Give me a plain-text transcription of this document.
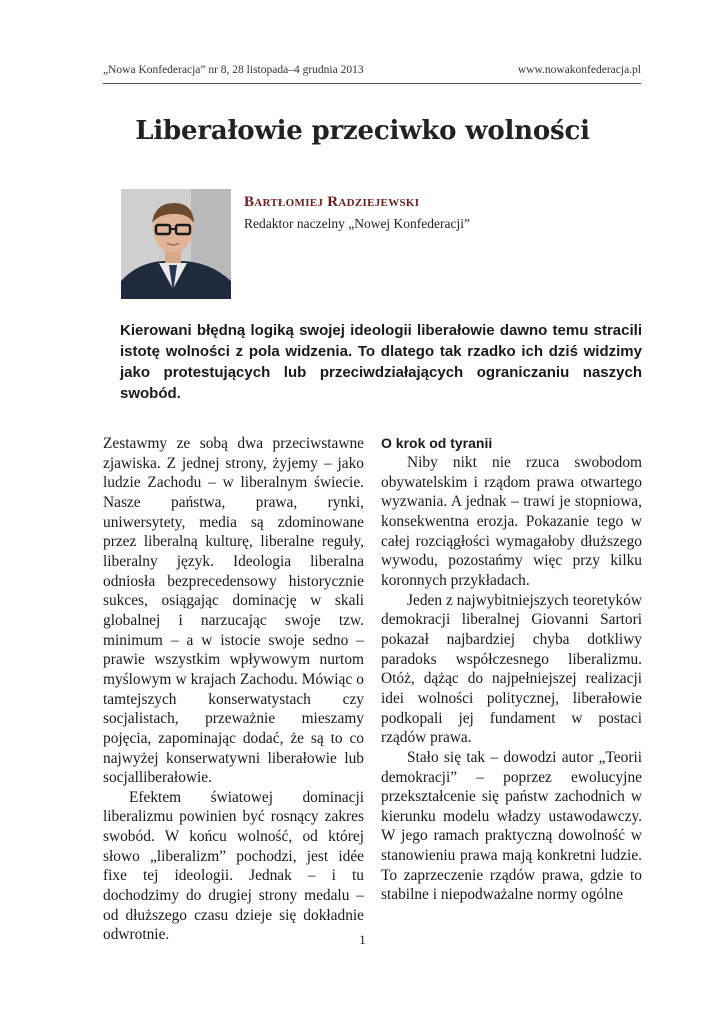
„Nowa Konfederacja” nr 8, 28 listopada–4 grudnia 2013	www.nowakonfederacja.pl
Liberałowie przeciwko wolności
Bartłomiej Radziejewski
Redaktor naczelny „Nowej Konfederacji”
Kierowani błędną logiką swojej ideologii liberałowie dawno temu stracili istotę wolności z pola widzenia. To dlatego tak rzadko ich dziś widzimy jako protestujących lub przeciwdziałających ograniczaniu naszych swobód.

Zestawmy ze sobą dwa przeciwstawne zjawiska. Z jednej strony, żyjemy – jako ludzie Zachodu – w liberalnym świecie. Nasze państwa, prawa, rynki, uniwersytety, media są zdominowane przez liberalną kulturę, liberalne reguły, liberalny język. Ideologia liberalna odniosła bezprecedensowy historycznie sukces, osiągając dominację w skali globalnej i narzucając swoje tzw. minimum – a w istocie swoje sedno – prawie wszystkim wpływowym nurtom myślowym w krajach Zachodu. Mówiąc o tamtejszych konserwatystach czy socjalistach, przeważnie mieszamy pojęcia, zapominając dodać, że są to co najwyżej konserwatywni liberałowie lub socjalliberałowie.

Efektem światowej dominacji liberalizmu powinien być rosnący zakres swobód. W końcu wolność, od której słowo „liberalizm” pochodzi, jest idée fixe tej ideologii. Jednak – i tu dochodzimy do drugiej strony medalu – od dłuższego czasu dzieje się dokładnie odwrotnie.

O krok od tyranii

Niby nikt nie rzuca swobodom obywatelskim i rządom prawa otwartego wyzwania. A jednak – trawi je stopniowa, konsekwentna erozja. Pokazanie tego w całej rozciągłości wymagałoby dłuższego wywodu, pozostańmy więc przy kilku koronnych przykładach.

Jeden z najwybitniejszych teoretyków demokracji liberalnej Giovanni Sartori pokazał najbardziej chyba dotkliwy paradoks współczesnego liberalizmu. Otóż, dążąc do najpełniejszej realizacji idei wolności politycznej, liberałowie podkopali jej fundament w postaci rządów prawa.

Stało się tak – dowodzi autor „Teorii demokracji” – poprzez ewolucyjne przekształcenie się państw zachodnich w kierunku modelu władzy ustawodawczy. W jego ramach praktyczną dowolność w stanowieniu prawa mają konkretni ludzie. To zaprzeczenie rządów prawa, gdzie to stabilne i niepodważalne normy ogólne

1
